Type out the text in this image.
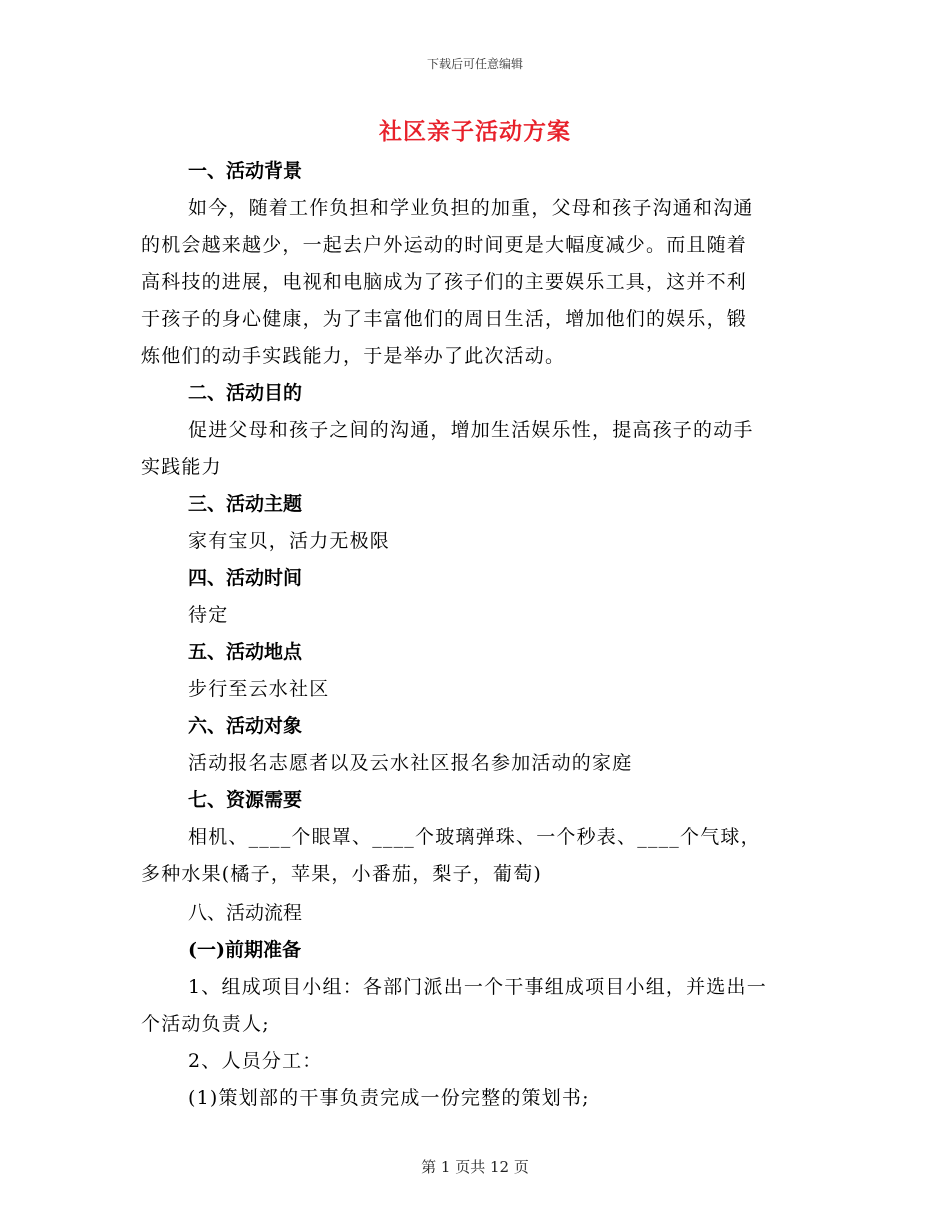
下载后可任意编辑
社区亲子活动方案
一、活动背景
如今，随着工作负担和学业负担的加重，父母和孩子沟通和沟通
的机会越来越少，一起去户外运动的时间更是大幅度减少。而且随着
高科技的进展，电视和电脑成为了孩子们的主要娱乐工具，这并不利
于孩子的身心健康，为了丰富他们的周日生活，增加他们的娱乐，锻
炼他们的动手实践能力，于是举办了此次活动。
二、活动目的
促进父母和孩子之间的沟通，增加生活娱乐性，提高孩子的动手
实践能力
三、活动主题
家有宝贝，活力无极限
四、活动时间
待定
五、活动地点
步行至云水社区
六、活动对象
活动报名志愿者以及云水社区报名参加活动的家庭
七、资源需要
相机、____个眼罩、____个玻璃弹珠、一个秒表、____个气球，
多种水果(橘子，苹果，小番茄，梨子，葡萄)
八、活动流程
(一)前期准备
1、组成项目小组：各部门派出一个干事组成项目小组，并选出一
个活动负责人;
2、人员分工：
(1)策划部的干事负责完成一份完整的策划书;
第 1 页共 12 页
